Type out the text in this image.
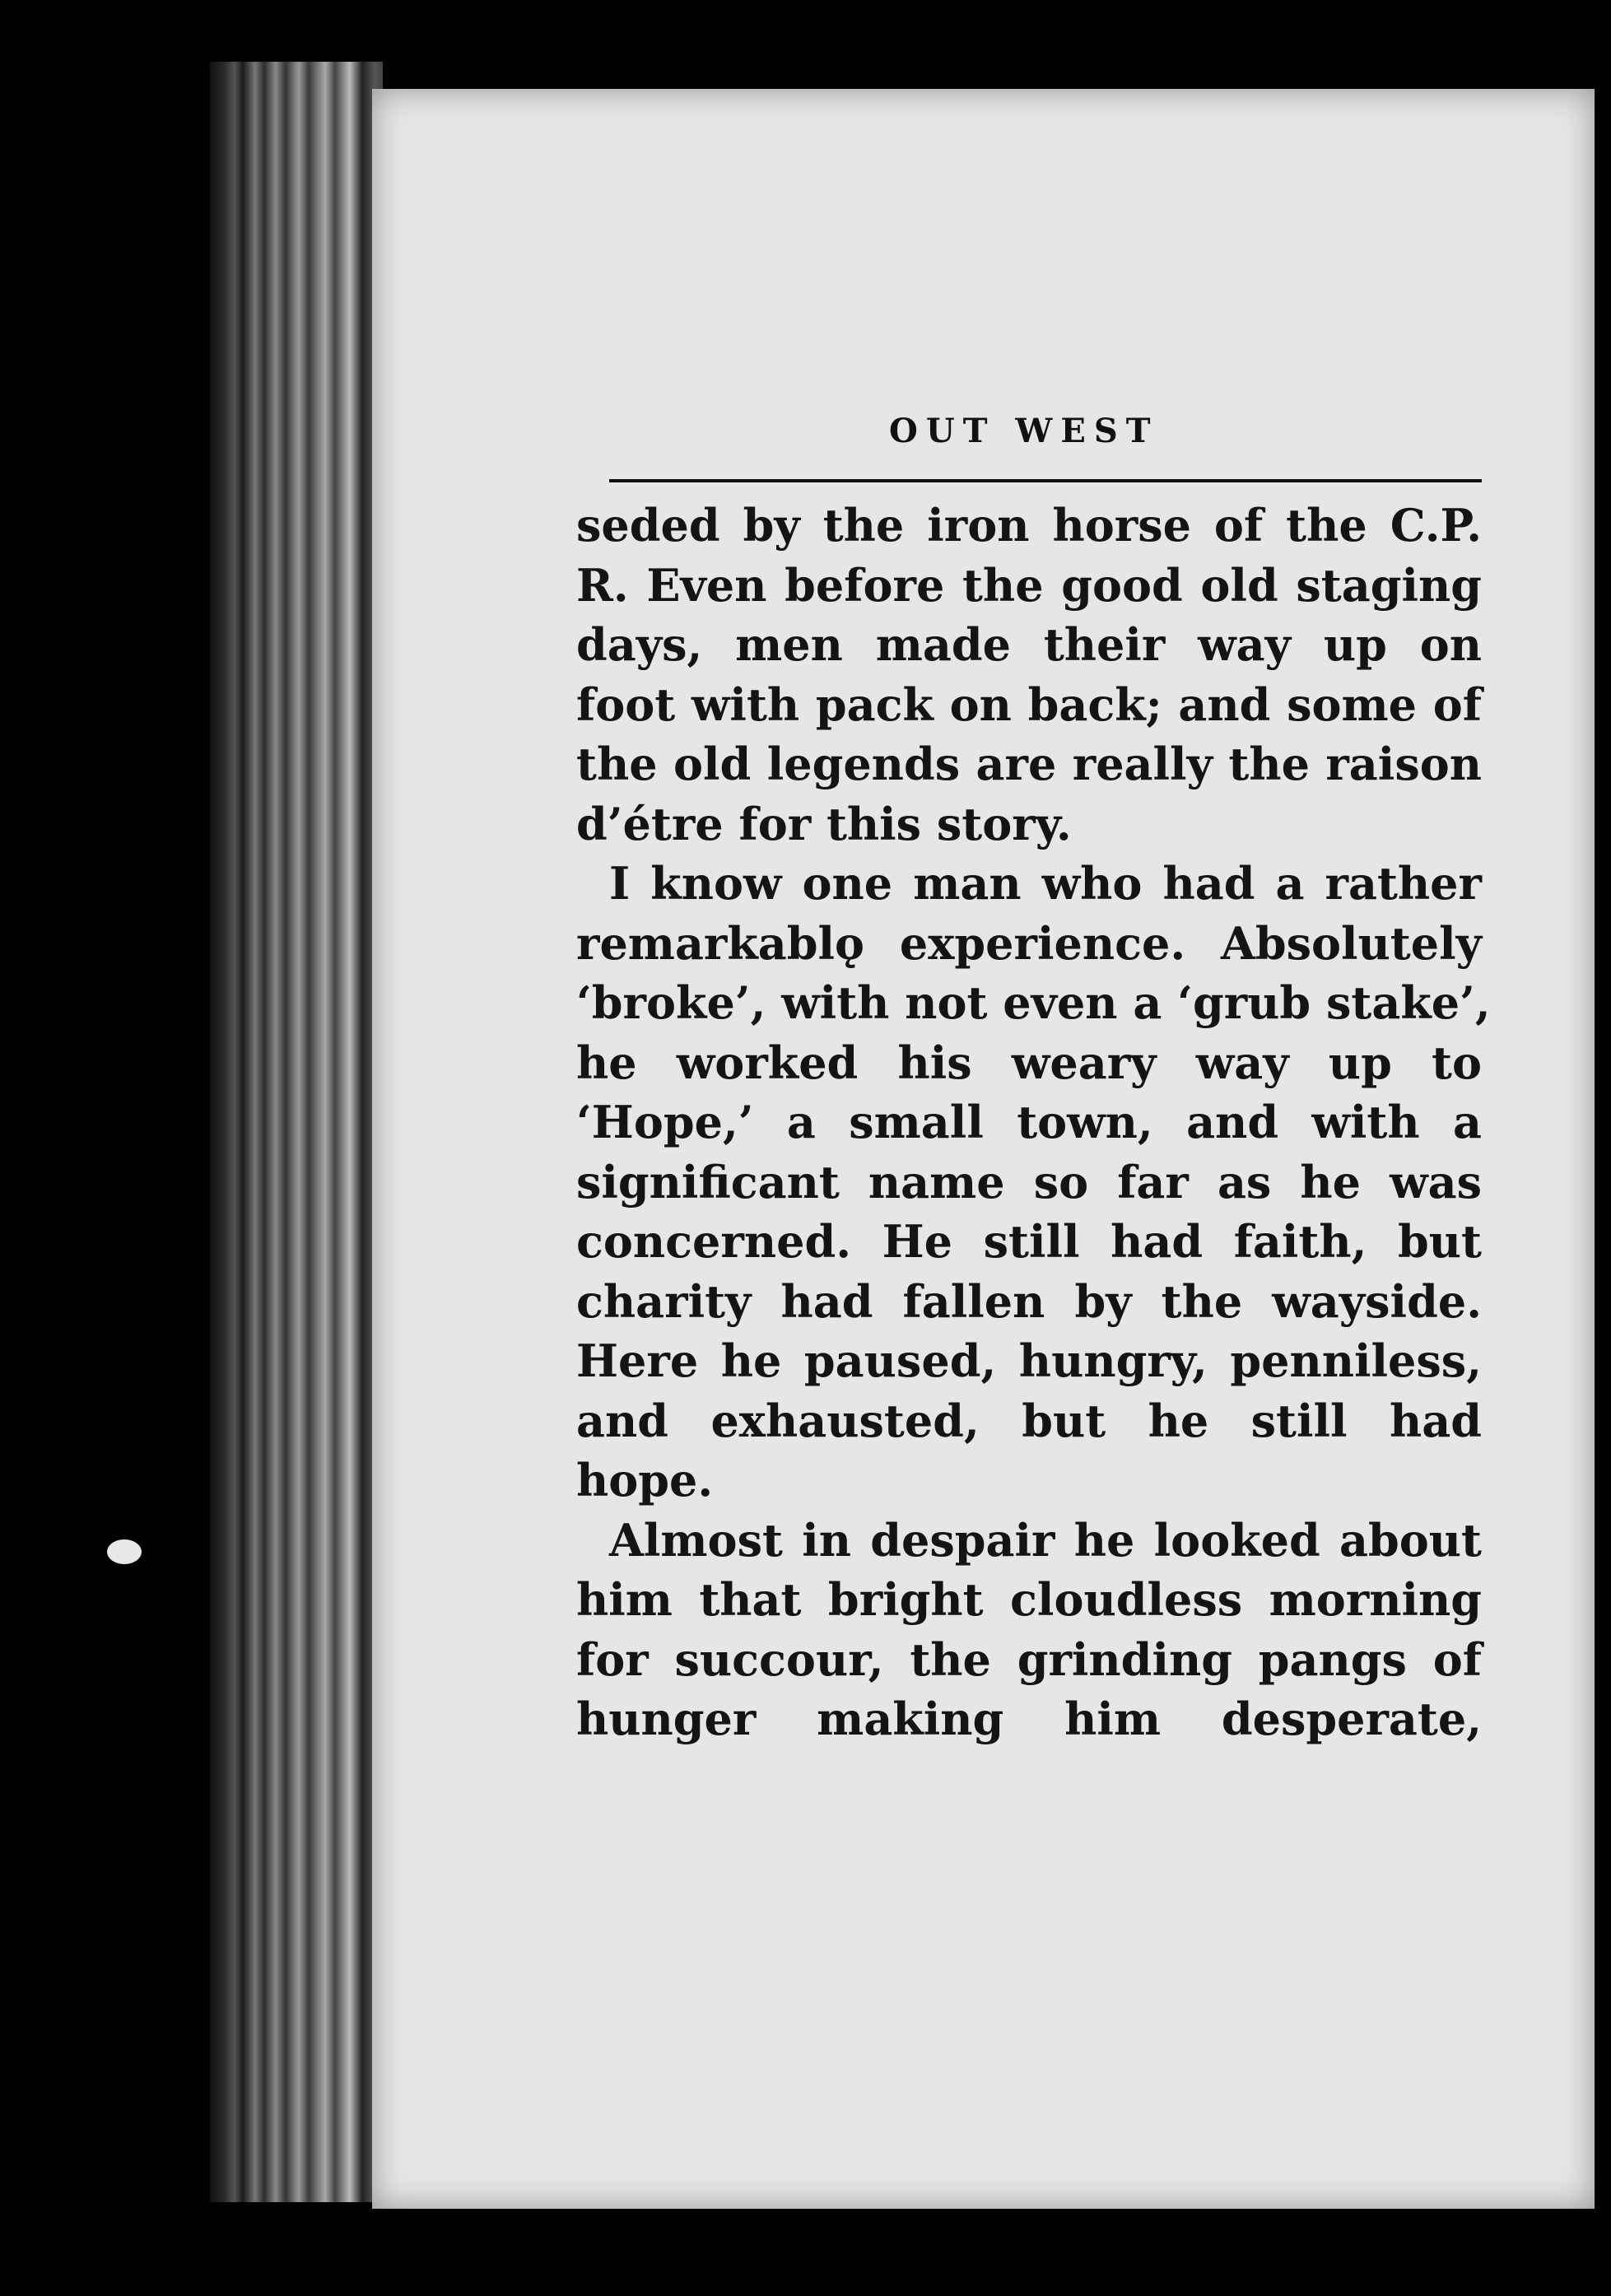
OUT WEST
seded by the iron horse of the C.P.
R. Even before the good old staging
days, men made their way up on
foot with pack on back; and some of
the old legends are really the raison
d’étre for this story.
I know one man who had a rather
remarkablǫ experience. Absolutely
‘broke’, with not even a ‘grub stake’,
he worked his weary way up to
‘Hope,’ a small town, and with a
significant name so far as he was
concerned. He still had faith, but
charity had fallen by the wayside.
Here he paused, hungry, penniless,
and exhausted, but he still had
hope.
Almost in despair he looked about
him that bright cloudless morning
for succour, the grinding pangs of
hunger making him desperate,
